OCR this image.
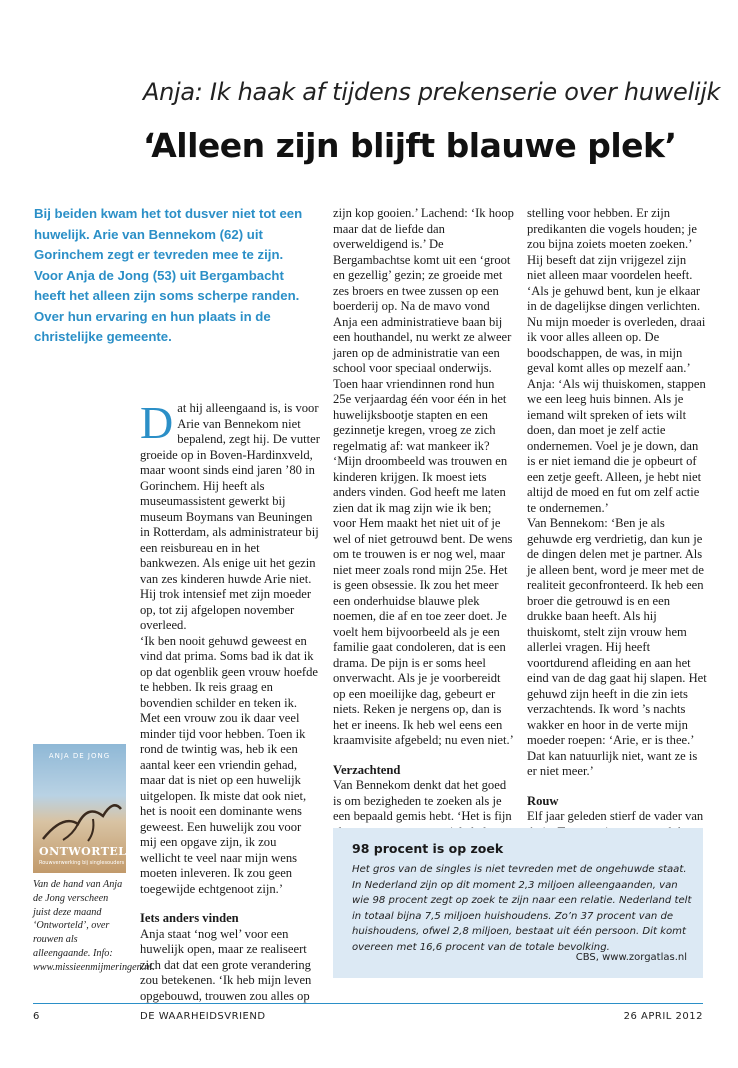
Anja: Ik haak af tijdens prekenserie over huwelijk
‘Alleen zijn blijft blauwe plek’
Bij beiden kwam het tot dusver niet tot een huwelijk. Arie van Bennekom (62) uit Gorinchem zegt er tevreden mee te zijn. Voor Anja de Jong (53) uit Bergambacht heeft het alleen zijn soms scherpe randen. Over hun ervaring en hun plaats in de christelijke gemeente.

Dat hij alleengaand is, is voor Arie van Bennekom niet bepalend, zegt hij. De vutter groeide op in Boven-Hardinxveld, maar woont sinds eind jaren ’80 in Gorinchem. Hij heeft als museumassistent gewerkt bij museum Boymans van Beuningen in Rotterdam, als administrateur bij een reisbureau en in het bankwezen. Als enige uit het gezin van zes kinderen huwde Arie niet. Hij trok intensief met zijn moeder op, tot zij afgelopen november overleed.

‘Ik ben nooit gehuwd geweest en vind dat prima. Soms bad ik dat ik op dat ogenblik geen vrouw hoefde te hebben. Ik reis graag en bovendien schilder en teken ik. Met een vrouw zou ik daar veel minder tijd voor hebben. Toen ik rond de twintig was, heb ik een aantal keer een vriendin gehad, maar dat is niet op een huwelijk uitgelopen. Ik miste dat ook niet, het is nooit een dominante wens geweest. Een huwelijk zou voor mij een opgave zijn, ik zou wellicht te veel naar mijn wens moeten inleveren. Ik zou geen toegewijde echtgenoot zijn.’

Iets anders vinden

Anja staat ‘nog wel’ voor een huwelijk open, maar ze realiseert zich dat dat een grote verandering zou betekenen. ‘Ik heb mijn leven opgebouwd, trouwen zou alles op

zijn kop gooien.’ Lachend: ‘Ik hoop maar dat de liefde dan overweldigend is.’ De Bergambachtse komt uit een ‘groot en gezellig’ gezin; ze groeide met zes broers en twee zussen op een boerderij op. Na de mavo vond Anja een administratieve baan bij een houthandel, nu werkt ze alweer jaren op de administratie van een school voor speciaal onderwijs.

Toen haar vriendinnen rond hun 25e verjaardag één voor één in het huwelijksbootje stapten en een gezinnetje kregen, vroeg ze zich regelmatig af: wat mankeer ik? ‘Mijn droombeeld was trouwen en kinderen krijgen. Ik moest iets anders vinden. God heeft me laten zien dat ik mag zijn wie ik ben; voor Hem maakt het niet uit of je wel of niet getrouwd bent. De wens om te trouwen is er nog wel, maar niet meer zoals rond mijn 25e. Het is geen obsessie. Ik zou het meer een onderhuidse blauwe plek noemen, die af en toe zeer doet. Je voelt hem bijvoorbeeld als je een familie gaat condoleren, dat is een drama. De pijn is er soms heel onverwacht. Als je je voorbereidt op een moeilijke dag, gebeurt er niets. Reken je nergens op, dan is het er ineens. Ik heb wel eens een kraamvisite afgebeld; nu even niet.’

Verzachtend

Van Bennekom denkt dat het goed is om bezigheden te zoeken als je een bepaald gemis hebt. ‘Het is fijn

stelling voor hebben. Er zijn predikanten die vogels houden; je zou bijna zoiets moeten zoeken.’ Hij beseft dat zijn vrijgezel zijn niet alleen maar voordelen heeft. ‘Als je gehuwd bent, kun je elkaar in de dagelijkse dingen verlichten. Nu mijn moeder is overleden, draai ik voor alles alleen op. De boodschappen, de was, in mijn geval komt alles op mezelf aan.’

Anja: ‘Als wij thuiskomen, stappen we een leeg huis binnen. Als je iemand wilt spreken of iets wilt doen, dan moet je zelf actie ondernemen. Voel je je down, dan is er niet iemand die je opbeurt of een zetje geeft. Alleen, je hebt niet altijd de moed en fut om zelf actie te ondernemen.’

Van Bennekom: ‘Ben je als gehuwde erg verdrietig, dan kun je de dingen delen met je partner. Als je alleen bent, word je meer met de realiteit geconfronteerd. Ik heb een broer die getrouwd is en een drukke baan heeft. Als hij thuiskomt, stelt zijn vrouw hem allerlei vragen. Hij heeft voortdurend afleiding en aan het eind van de dag gaat hij slapen. Het gehuwd zijn heeft in die zin iets verzachtends. Ik word ’s nachts wakker en hoor in de verte mijn moeder roepen: ‘Arie, er is thee.’ Dat kan natuurlijk niet, want ze is er niet meer.’

Rouw

Elf jaar geleden stierf de vader van

ANJA DE JONG
ONTWORTELD
Rouwverwerking bij singlesouders
Van de hand van Anja de Jong verscheen juist deze maand ‘Ontworteld’, over rouwen als alleengaande. Info: www.missieenmijmeringen.nl.
98 procent is op zoek
Het gros van de singles is niet tevreden met de ongehuwde staat. In Nederland zijn op dit moment 2,3 miljoen alleengaanden, van wie 98 procent zegt op zoek te zijn naar een relatie. Nederland telt in totaal bijna 7,5 miljoen huishoudens. Zo’n 37 procent van de huishoudens, ofwel 2,8 miljoen, bestaat uit één persoon. Dit komt overeen met 16,6 procent van de totale bevolking.
CBS, www.zorgatlas.nl
6	DE WAARHEIDSVRIEND	26 APRIL 2012
